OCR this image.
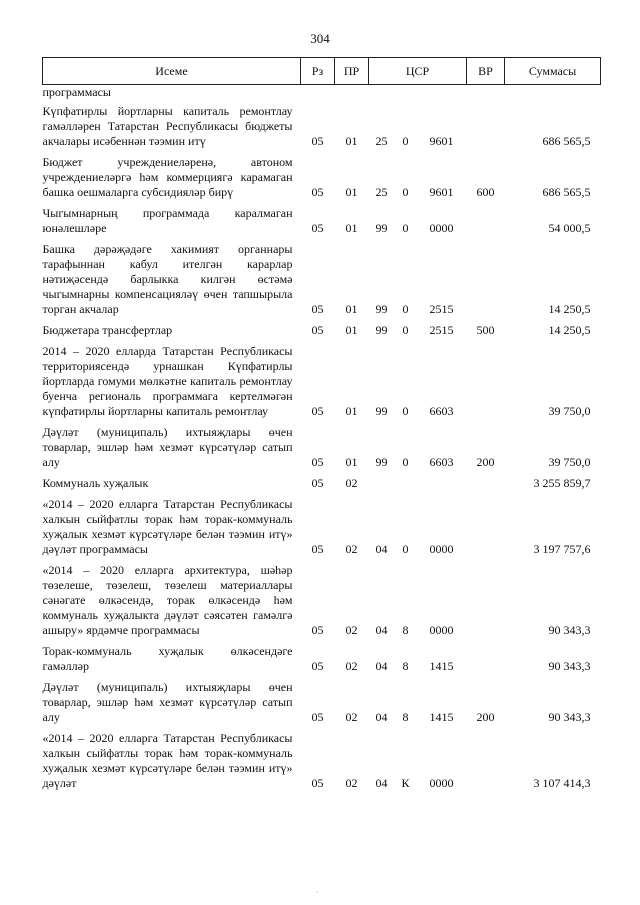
304
Исеме	Рз	ПР	ЦСР			ВР	Суммасы
программасы							
Күпфатирлы йортларны капиталь ремонтлау гамәлләрен Татарстан Республикасы бюджеты акчалары исәбеннән тәэмин итү	05	01	25	0	9601		686 565,5
Бюджет учреждениеләренә, автоном учреждениеләргә һәм коммерциягә карамаган башка оешмаларга субсидияләр бирү	05	01	25	0	9601	600	686 565,5
Чыгымнарның программада каралмаган юнәлешләре	05	01	99	0	0000		54 000,5
Башка дәрәҗәдәге хакимият органнары тарафыннан кабул ителгән карарлар нәтиҗәсендә барлыкка килгән өстәмә чыгымнарны компенсацияләү өчен тапшырыла торган акчалар	05	01	99	0	2515		14 250,5
Бюджетара трансфертлар	05	01	99	0	2515	500	14 250,5
2014 – 2020 елларда Татарстан Республикасы территориясендә урнашкан Күпфатирлы йортларда гомуми мөлкәтне капиталь ремонтлау буенча региональ программага кертелмәгән күпфатирлы йортларны капиталь ремонтлау	05	01	99	0	6603		39 750,0
Дәүләт (муниципаль) ихтыяҗлары өчен товарлар, эшләр һәм хезмәт күрсәтүләр сатып алу	05	01	99	0	6603	200	39 750,0
Коммуналь хуҗалык	05	02					3 255 859,7
«2014 – 2020 елларга Татарстан Республикасы халкын сыйфатлы торак һәм торак-коммуналь хуҗалык хезмәт күрсәтүләре белән тәэмин итү» дәүләт программасы	05	02	04	0	0000		3 197 757,6
«2014 – 2020 елларга архитектура, шәһәр төзелеше, төзелеш, төзелеш материаллары сәнәгате өлкәсендә, торак өлкәсендә һәм коммуналь хуҗалыкта дәүләт сәясәтен гамәлгә ашыру» ярдәмче программасы	05	02	04	8	0000		90 343,3
Торак-коммуналь хуҗалык өлкәсендәге гамәлләр	05	02	04	8	1415		90 343,3
Дәүләт (муниципаль) ихтыяҗлары өчен товарлар, эшләр һәм хезмәт күрсәтүләр сатып алу	05	02	04	8	1415	200	90 343,3
«2014 – 2020 елларга Татарстан Республикасы халкын сыйфатлы торак һәм торак-коммуналь хуҗалык хезмәт күрсәтүләре белән тәэмин итү» дәүләт	05	02	04	К	0000		3 107 414,3
·
